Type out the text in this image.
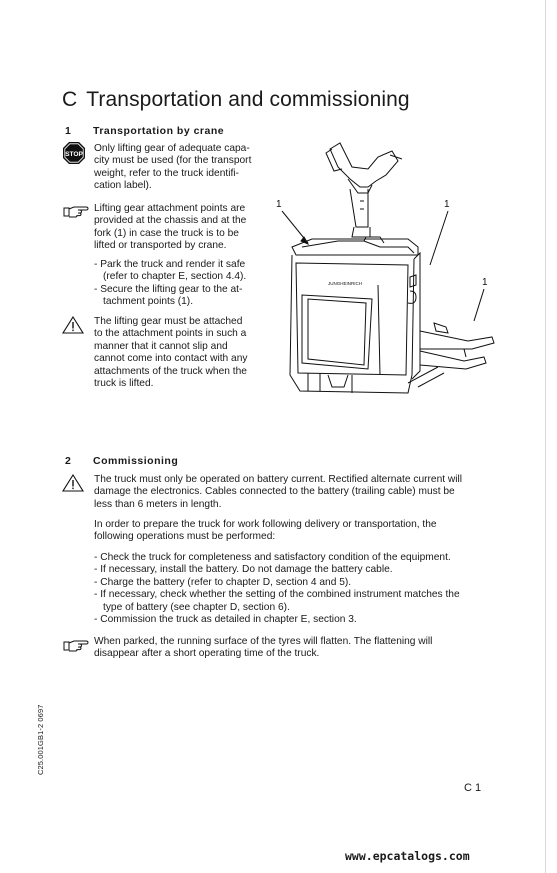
C Transportation and commissioning
1 Transportation by crane
STOP
Only lifting gear of adequate capa-
city must be used (for the transport
weight, refer to the truck identifi-
cation label).
Lifting gear attachment points are
provided at the chassis and at the
fork (1) in case the truck is to be
lifted or transported by crane.
- Park the truck and render it safe
(refer to chapter E, section 4.4).
- Secure the lifting gear to the at-
tachment points (1).
The lifting gear must be attached
to the attachment points in such a
manner that it cannot slip and
cannot come into contact with any
attachments of the truck when the
truck is lifted.
1	1
1
JUNGHEINRICH
2 Commissioning
The truck must only be operated on battery current. Rectified alternate current will
damage the electronics. Cables connected to the battery (trailing cable) must be
less than 6 meters in length.
In order to prepare the truck for work following delivery or transportation, the
following operations must be performed:
- Check the truck for completeness and satisfactory condition of the equipment.
- If necessary, install the battery. Do not damage the battery cable.
- Charge the battery (refer to chapter D, section 4 and 5).
- If necessary, check whether the setting of the combined instrument matches the
type of battery (see chapter D, section 6).
- Commission the truck as detailed in chapter E, section 3.
When parked, the running surface of the tyres will flatten. The flattening will
disappear after a short operating time of the truck.
C25.001GB1-2 0697
C 1
www.epcatalogs.com
